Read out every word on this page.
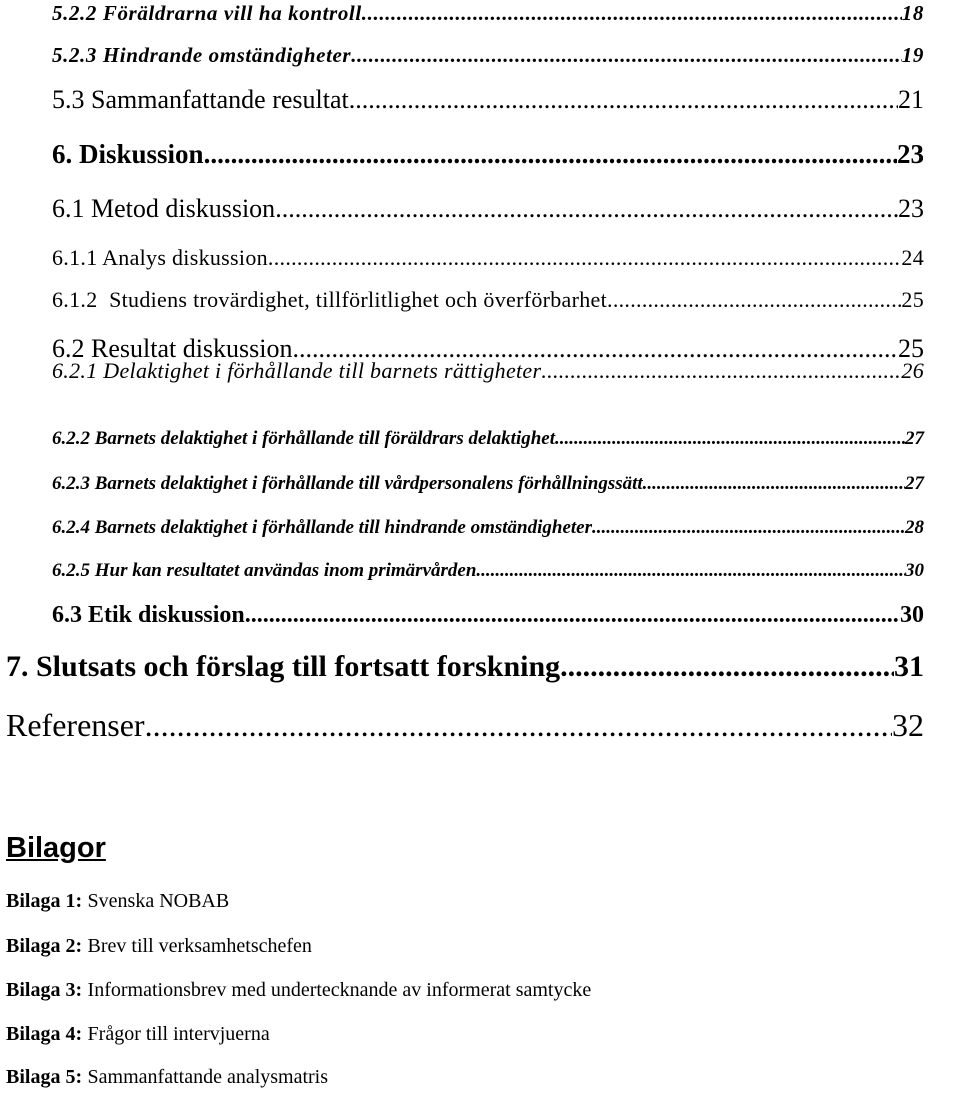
5.2.2 Föräldrarna vill ha kontroll .....	18
5.2.3 Hindrande omständigheter .....	19
5.3 Sammanfattande resultat .....	21
6. Diskussion. .....	23
6.1 Metod diskussion .....	23
6.1.1 Analys diskussion .....	24
6.1.2  Studiens trovärdighet, tillförlitlighet och överförbarhet .....	25
6.2 Resultat diskussion .....	25
6.2.1 Delaktighet i förhållande till barnets rättigheter .....	26
6.2.2 Barnets delaktighet i förhållande till föräldrars delaktighet .....	27
6.2.3 Barnets delaktighet i förhållande till vårdpersonalens förhållningssätt .....	27
6.2.4 Barnets delaktighet i förhållande till hindrande omständigheter .....	28
6.2.5 Hur kan resultatet användas inom primärvården .....	30
6.3 Etik diskussion .....	30
7. Slutsats och förslag till fortsatt forskning .....	31
Referenser .....	32
Bilagor
Bilaga 1: Svenska NOBAB
Bilaga 2: Brev till verksamhetschefen
Bilaga 3: Informationsbrev med undertecknande av informerat samtycke
Bilaga 4: Frågor till intervjuerna
Bilaga 5: Sammanfattande analysmatris
